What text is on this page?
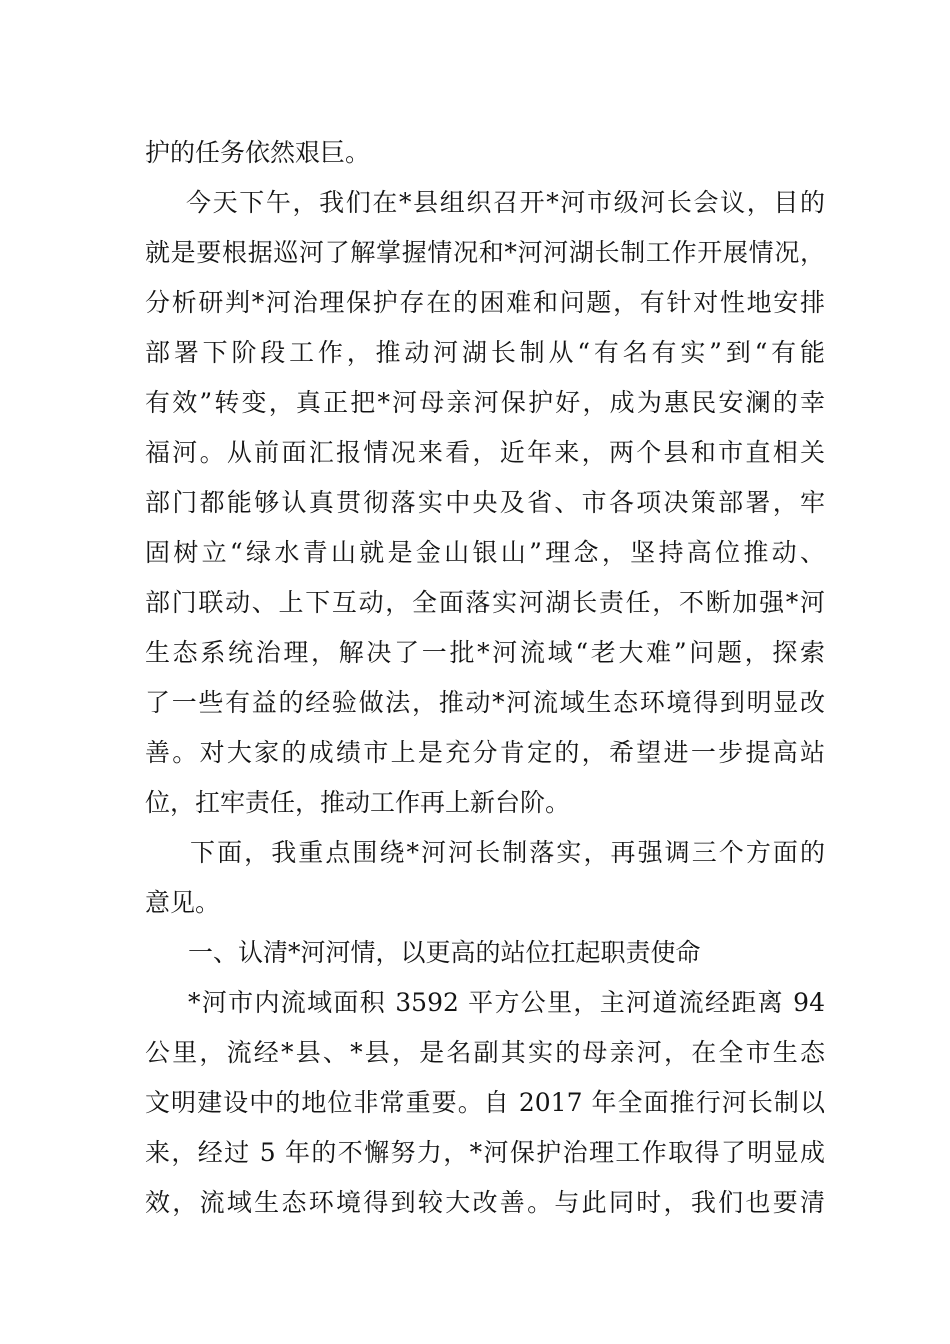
护的任务依然艰巨。
今天下午，我们在*县组织召开*河市级河长会议，目的
就是要根据巡河了解掌握情况和*河河湖长制工作开展情况，
分析研判*河治理保护存在的困难和问题，有针对性地安排
部署下阶段工作，推动河湖长制从“有名有实”到“有能
有效”转变，真正把*河母亲河保护好，成为惠民安澜的幸
福河。从前面汇报情况来看，近年来，两个县和市直相关
部门都能够认真贯彻落实中央及省、市各项决策部署，牢
固树立“绿水青山就是金山银山”理念，坚持高位推动、
部门联动、上下互动，全面落实河湖长责任，不断加强*河
生态系统治理，解决了一批*河流域“老大难”问题，探索
了一些有益的经验做法，推动*河流域生态环境得到明显改
善。对大家的成绩市上是充分肯定的，希望进一步提高站
位，扛牢责任，推动工作再上新台阶。
下面，我重点围绕*河河长制落实，再强调三个方面的
意见。
一、认清*河河情，以更高的站位扛起职责使命
*河市内流域面积 3592 平方公里，主河道流经距离 94
公里，流经*县、*县，是名副其实的母亲河，在全市生态
文明建设中的地位非常重要。自 2017 年全面推行河长制以
来，经过 5 年的不懈努力，*河保护治理工作取得了明显成
效，流域生态环境得到较大改善。与此同时，我们也要清
